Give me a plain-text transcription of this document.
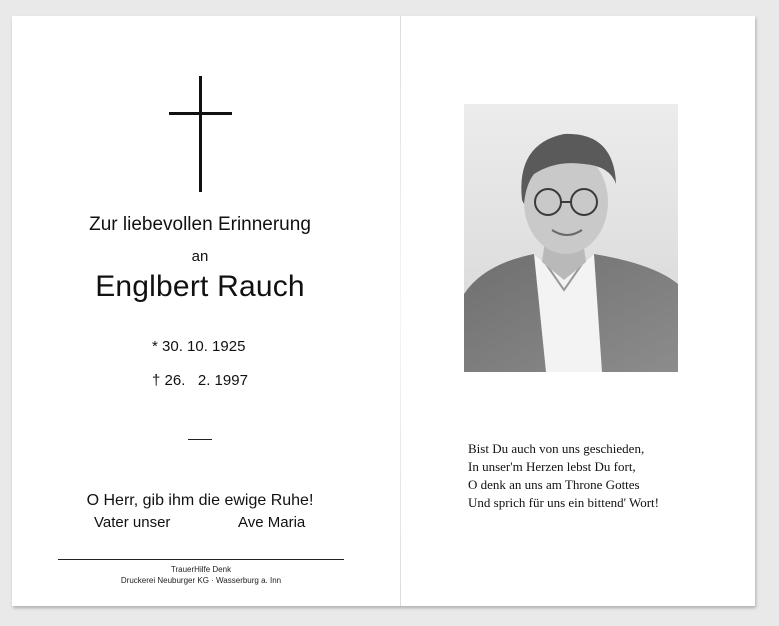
Zur liebevollen Erinnerung
an
Englbert Rauch
* 30. 10. 1925
† 26.   2. 1997
O Herr, gib ihm die ewige Ruhe!
Vater unser	Ave Maria
TrauerHilfe Denk
Druckerei Neuburger KG · Wasserburg a. Inn
Bist Du auch von uns geschieden,
In unser'm Herzen lebst Du fort,
O denk an uns am Throne Gottes
Und sprich für uns ein bittend' Wort!
